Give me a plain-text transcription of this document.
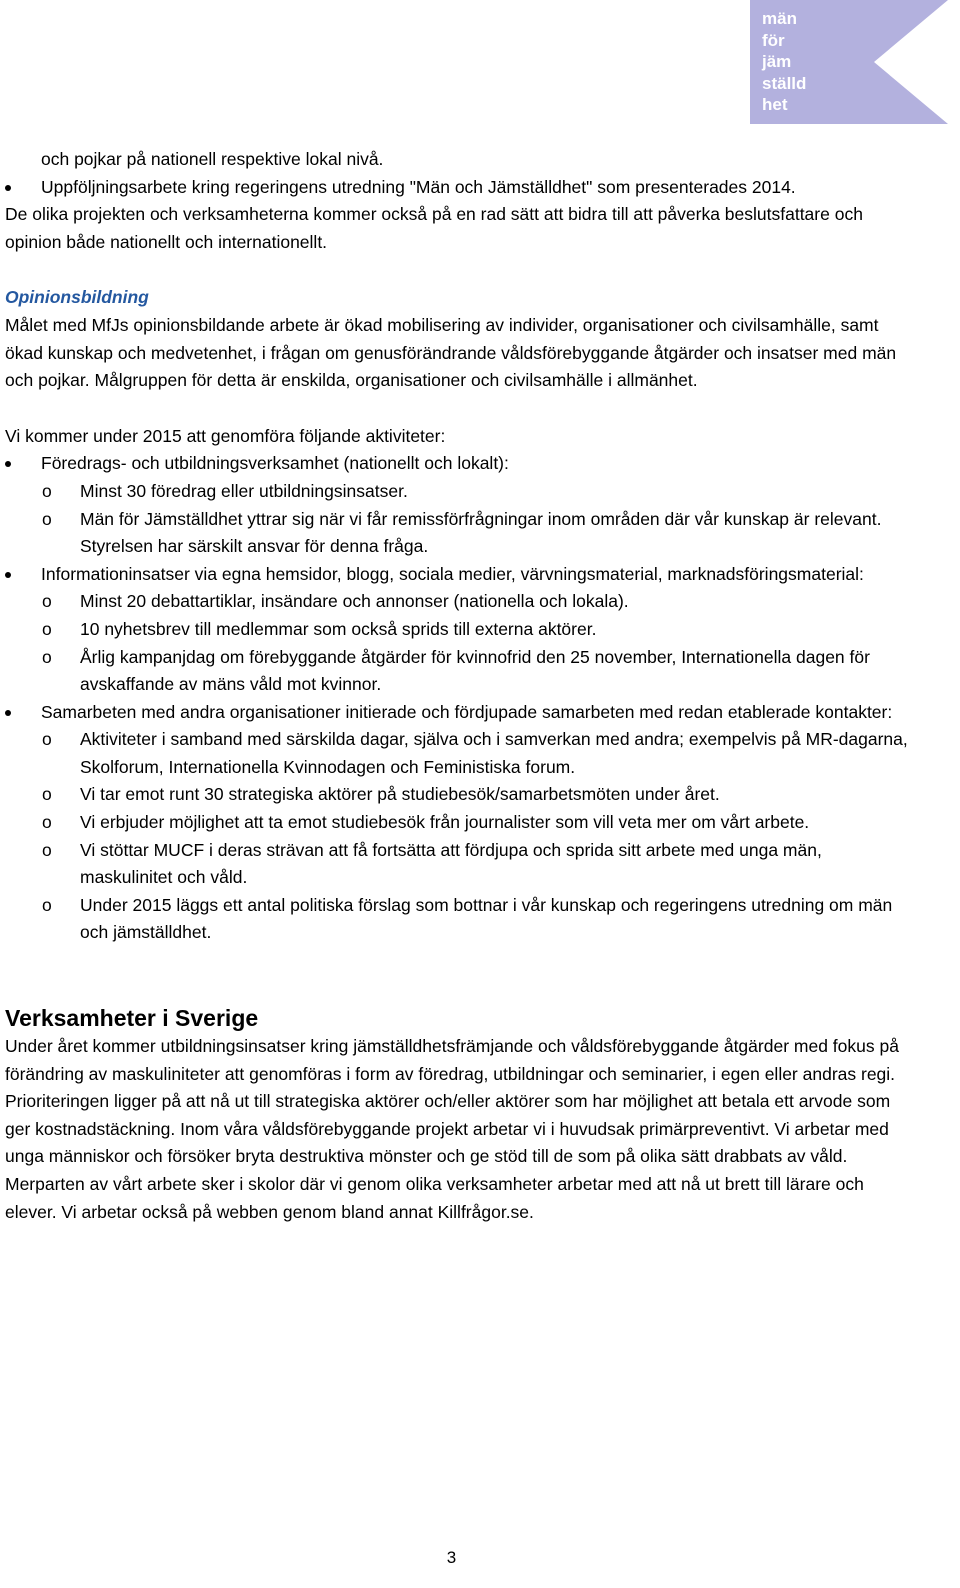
män
för
jäm
ställd
het

och pojkar på nationell respektive lokal nivå.

Uppföljningsarbete kring regeringens utredning "Män och Jämställdhet" som presenterades 2014.

De olika projekten och verksamheterna kommer också på en rad sätt att bidra till att påverka beslutsfattare och opinion både nationellt och internationellt.

Opinionsbildning

Målet med MfJs opinionsbildande arbete är ökad mobilisering av individer, organisationer och civilsamhälle, samt ökad kunskap och medvetenhet, i frågan om genusförändrande våldsförebyggande åtgärder och insatser med män och pojkar. Målgruppen för detta är enskilda, organisationer och civilsamhälle i allmänhet.

Vi kommer under 2015 att genomföra följande aktiviteter:

Föredrags- och utbildningsverksamhet (nationellt och lokalt):
o Minst 30 föredrag eller utbildningsinsatser.
o Män för Jämställdhet yttrar sig när vi får remissförfrågningar inom områden där vår kunskap är relevant. Styrelsen har särskilt ansvar för denna fråga.
Informationinsatser via egna hemsidor, blogg, sociala medier, värvningsmaterial, marknadsföringsmaterial:
o Minst 20 debattartiklar, insändare och annonser (nationella och lokala).
o 10 nyhetsbrev till medlemmar som också sprids till externa aktörer.
o Årlig kampanjdag om förebyggande åtgärder för kvinnofrid den 25 november, Internationella dagen för avskaffande av mäns våld mot kvinnor.
Samarbeten med andra organisationer initierade och fördjupade samarbeten med redan etablerade kontakter:
o Aktiviteter i samband med särskilda dagar, själva och i samverkan med andra; exempelvis på MR-dagarna, Skolforum, Internationella Kvinnodagen och Feministiska forum.
o Vi tar emot runt 30 strategiska aktörer på studiebesök/samarbetsmöten under året.
o Vi erbjuder möjlighet att ta emot studiebesök från journalister som vill veta mer om vårt arbete.
o Vi stöttar MUCF i deras strävan att få fortsätta att fördjupa och sprida sitt arbete med unga män, maskulinitet och våld.
o Under 2015 läggs ett antal politiska förslag som bottnar i vår kunskap och regeringens utredning om män och jämställdhet.

Verksamheter i Sverige

Under året kommer utbildningsinsatser kring jämställdhetsfrämjande och våldsförebyggande åtgärder med fokus på förändring av maskuliniteter att genomföras i form av föredrag, utbildningar och seminarier, i egen eller andras regi. Prioriteringen ligger på att nå ut till strategiska aktörer och/eller aktörer som har möjlighet att betala ett arvode som ger kostnadstäckning. Inom våra våldsförebyggande projekt arbetar vi i huvudsak primärpreventivt. Vi arbetar med unga människor och försöker bryta destruktiva mönster och ge stöd till de som på olika sätt drabbats av våld. Merparten av vårt arbete sker i skolor där vi genom olika verksamheter arbetar med att nå ut brett till lärare och elever. Vi arbetar också på webben genom bland annat Killfrågor.se.

3
